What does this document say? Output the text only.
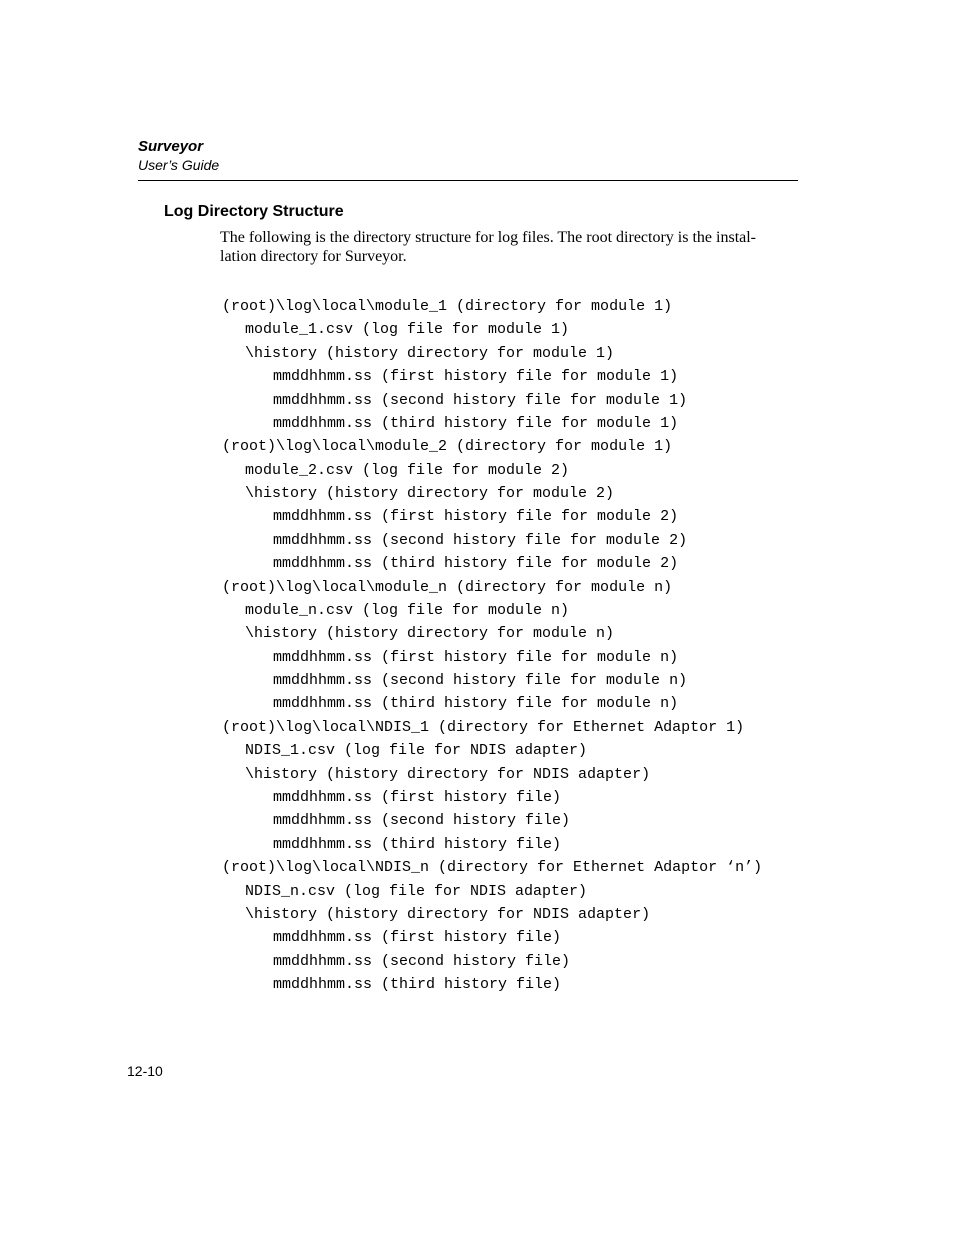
Surveyor
User’s Guide
Log Directory Structure
The following is the directory structure for log files. The root directory is the instal-
lation directory for Surveyor.
(root)\log\local\module_1 (directory for module 1)
module_1.csv (log file for module 1)
\history (history directory for module 1)
mmddhhmm.ss (first history file for module 1)
mmddhhmm.ss (second history file for module 1)
mmddhhmm.ss (third history file for module 1)
(root)\log\local\module_2 (directory for module 1)
module_2.csv (log file for module 2)
\history (history directory for module 2)
mmddhhmm.ss (first history file for module 2)
mmddhhmm.ss (second history file for module 2)
mmddhhmm.ss (third history file for module 2)
(root)\log\local\module_n (directory for module n)
module_n.csv (log file for module n)
\history (history directory for module n)
mmddhhmm.ss (first history file for module n)
mmddhhmm.ss (second history file for module n)
mmddhhmm.ss (third history file for module n)
(root)\log\local\NDIS_1 (directory for Ethernet Adaptor 1)
NDIS_1.csv (log file for NDIS adapter)
\history (history directory for NDIS adapter)
mmddhhmm.ss (first history file)
mmddhhmm.ss (second history file)
mmddhhmm.ss (third history file)
(root)\log\local\NDIS_n (directory for Ethernet Adaptor ‘n’)
NDIS_n.csv (log file for NDIS adapter)
\history (history directory for NDIS adapter)
mmddhhmm.ss (first history file)
mmddhhmm.ss (second history file)
mmddhhmm.ss (third history file)
12-10
